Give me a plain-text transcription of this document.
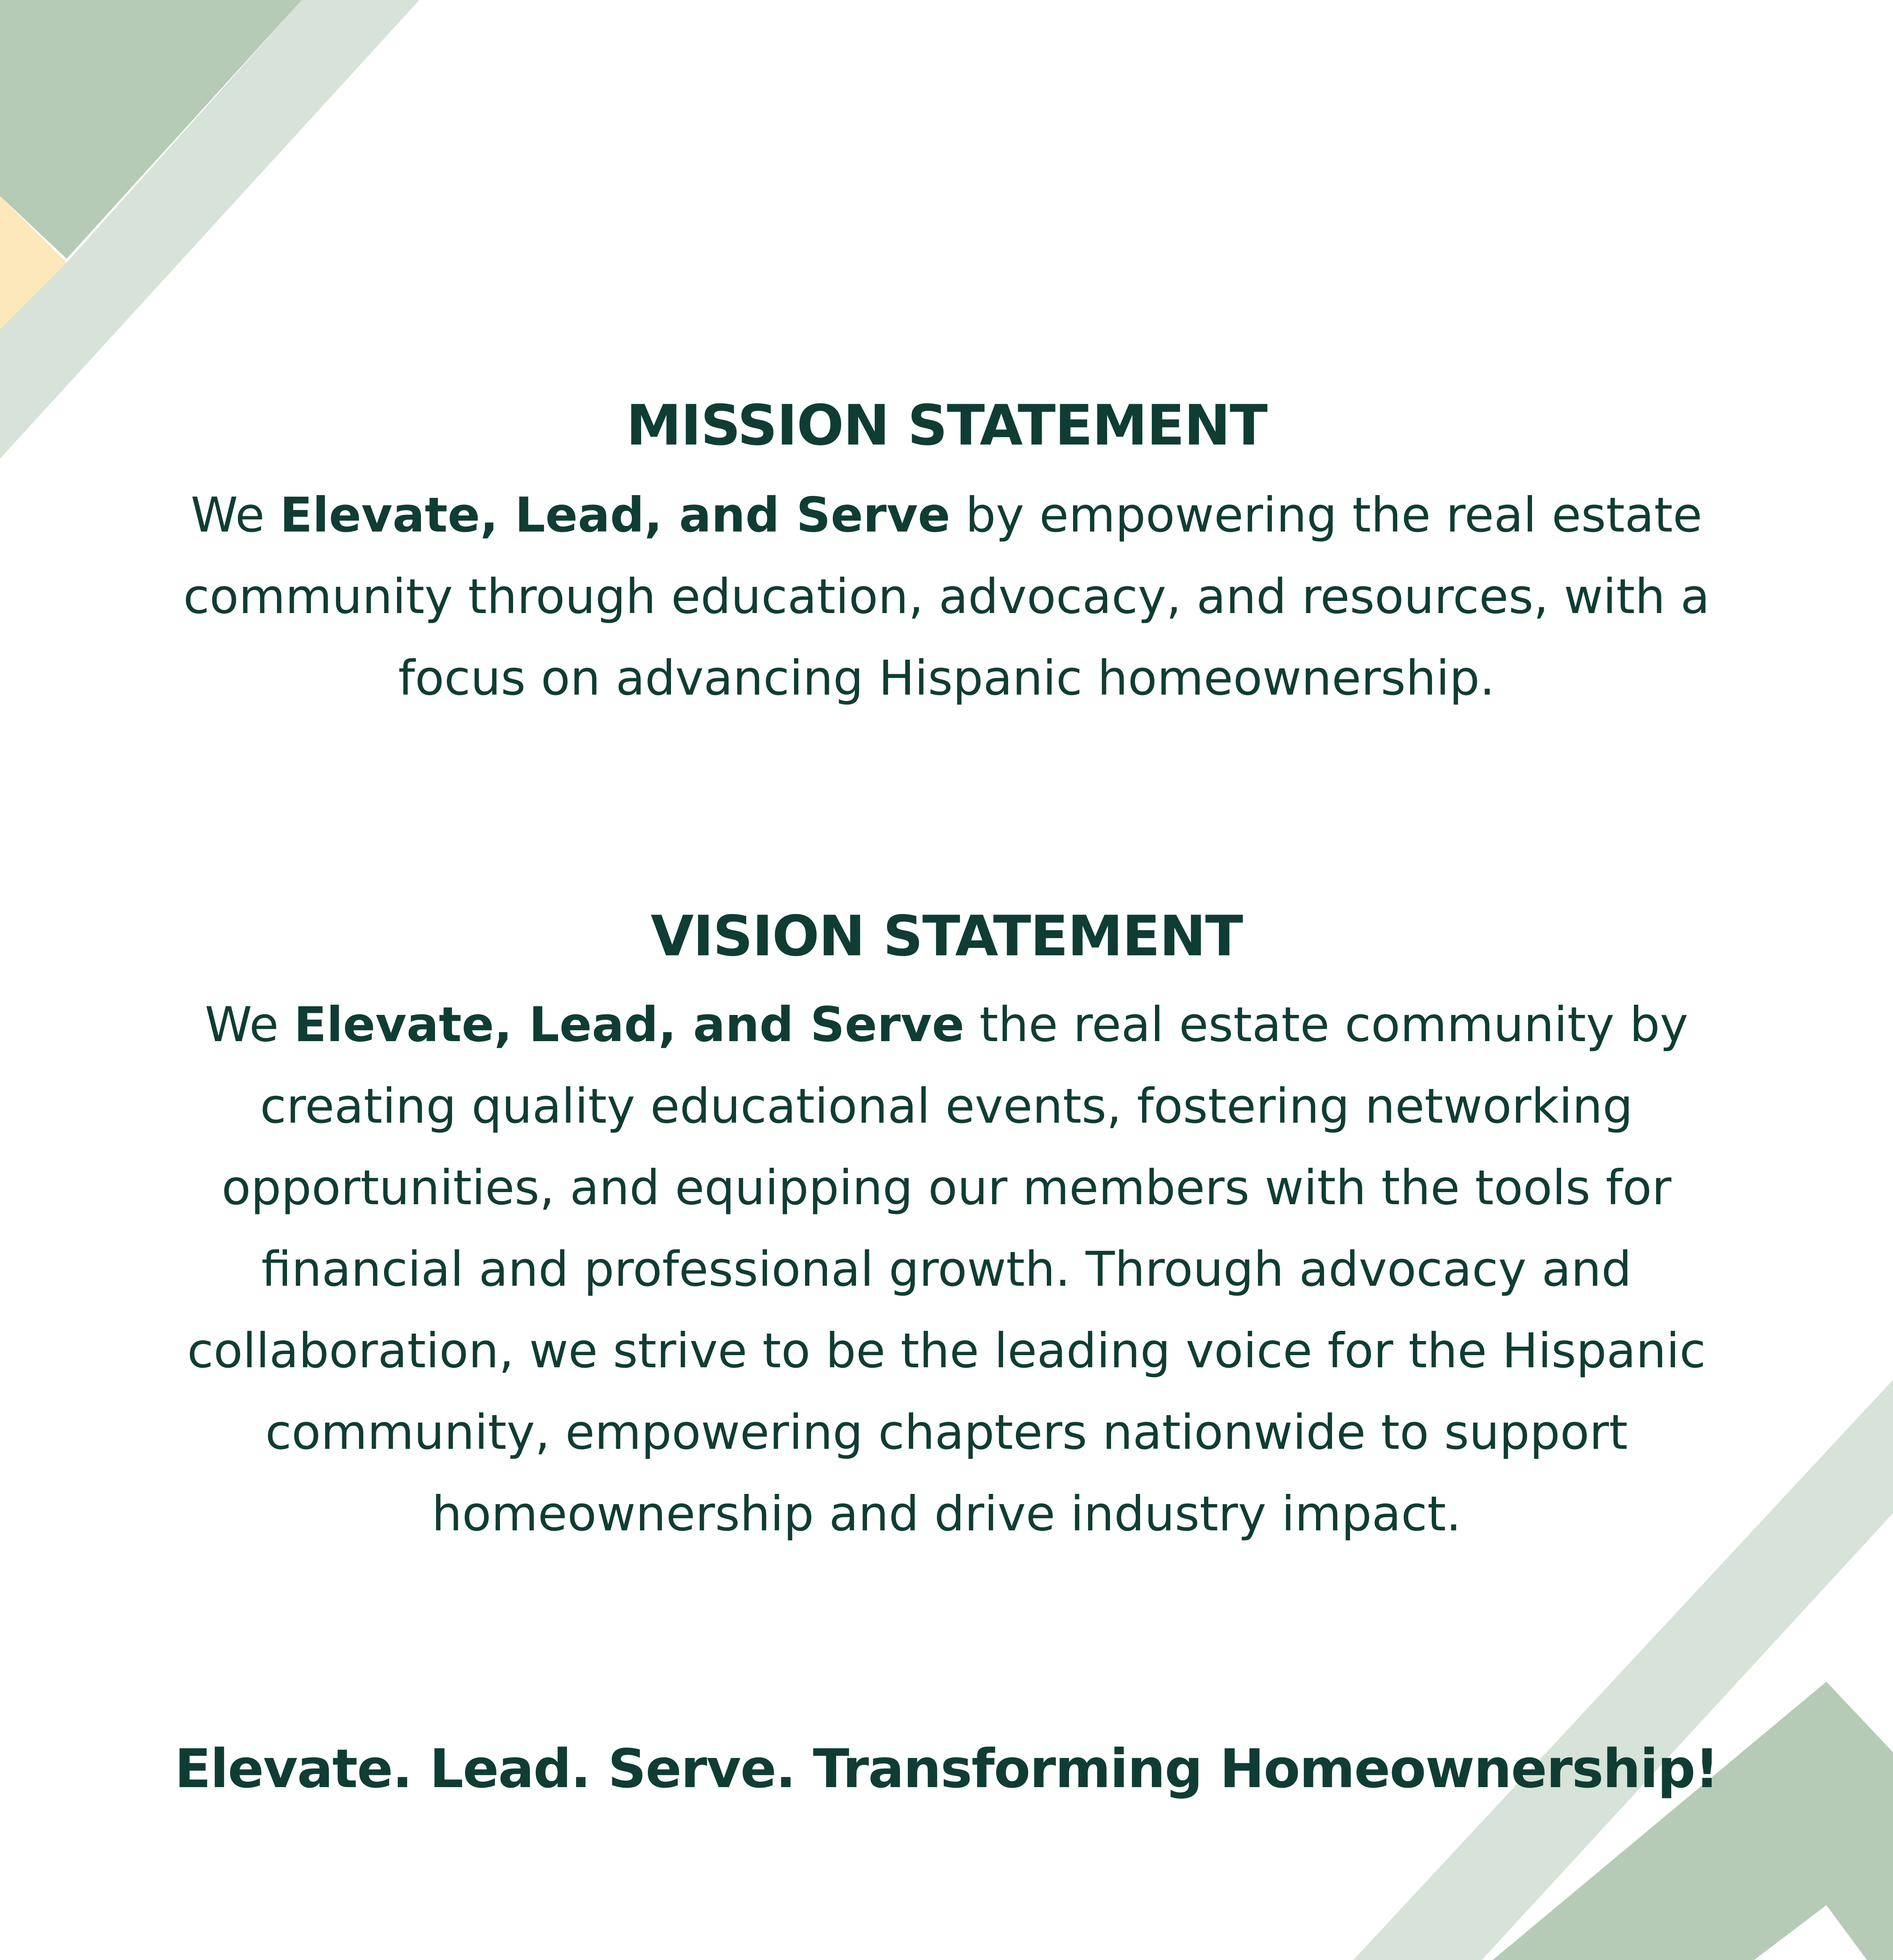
MISSION STATEMENT
We Elevate, Lead, and Serve by empowering the real estate
community through education, advocacy, and resources, with a
focus on advancing Hispanic homeownership.
VISION STATEMENT
We Elevate, Lead, and Serve the real estate community by
creating quality educational events, fostering networking
opportunities, and equipping our members with the tools for
financial and professional growth. Through advocacy and
collaboration, we strive to be the leading voice for the Hispanic
community, empowering chapters nationwide to support
homeownership and drive industry impact.
Elevate. Lead. Serve. Transforming Homeownership!
